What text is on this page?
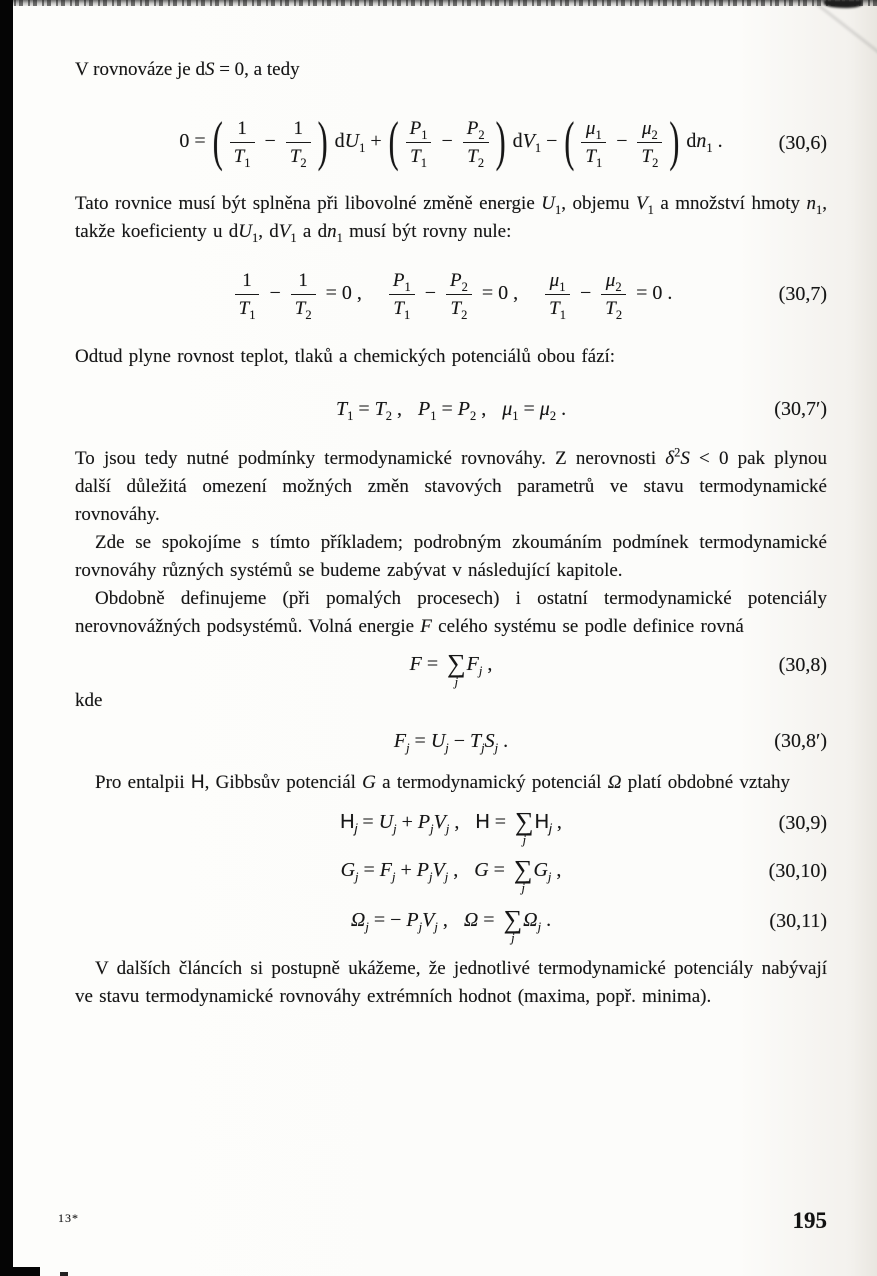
V rovnováze je dS = 0, a tedy
0 = ( $\frac{1}{T_1} - \frac{1}{T_2}$ ) $dU_1$ + ( $\frac{P_1}{T_1} - \frac{P_2}{T_2}$ ) $dV_1$ − ( $\frac{\mu_1}{T_1} - \frac{\mu_2}{T_2}$ ) $dn_1$ .	(30,6)
Tato rovnice musí být splněna při libovolné změně energie $U_1$, objemu $V_1$ a množství hmoty $n_1$, takže koeficienty u $dU_1$, $dV_1$ a $dn_1$ musí být rovny nule:
$\frac{1}{T_1} - \frac{1}{T_2} = 0$ , $\frac{P_1}{T_1} - \frac{P_2}{T_2} = 0$ , $\frac{\mu_1}{T_1} - \frac{\mu_2}{T_2} = 0$ .	(30,7)
Odtud plyne rovnost teplot, tlaků a chemických potenciálů obou fází:
$T_1 = T_2$ , $P_1 = P_2$ , $\mu_1 = \mu_2$ .	(30,7′)
To jsou tedy nutné podmínky termodynamické rovnováhy. Z nerovnosti $\delta^2S < 0$ pak plynou další důležitá omezení možných změn stavových parametrů ve stavu termodynamické rovnováhy.
Zde se spokojíme s tímto příkladem; podrobným zkoumáním podmínek termodynamické rovnováhy různých systémů se budeme zabývat v následující kapitole.
Obdobně definujeme (při pomalých procesech) i ostatní termodynamické potenciály nerovnovážných podsystémů. Volná energie F celého systému se podle definice rovná
F = ∑
j
$F_j$ ,	(30,8)
kde
$F_j = U_j - T_jS_j$ .	(30,8′)
Pro entalpii H, Gibbsův potenciál G a termodynamický potenciál Ω platí obdobné vztahy
$H_j = U_j + P_jV_j$ , H = ∑
j
$H_j$ ,	(30,9)
$G_j = F_j + P_jV_j$ , G = ∑
j
$G_j$ ,	(30,10)
$\Omega_j$ = − $P_jV_j$ , Ω = ∑
j
$\Omega_j$ .	(30,11)
V dalších článcích si postupně ukážeme, že jednotlivé termodynamické potenciály nabývají ve stavu termodynamické rovnováhy extrémních hodnot (maxima, popř. minima).
13*	195
